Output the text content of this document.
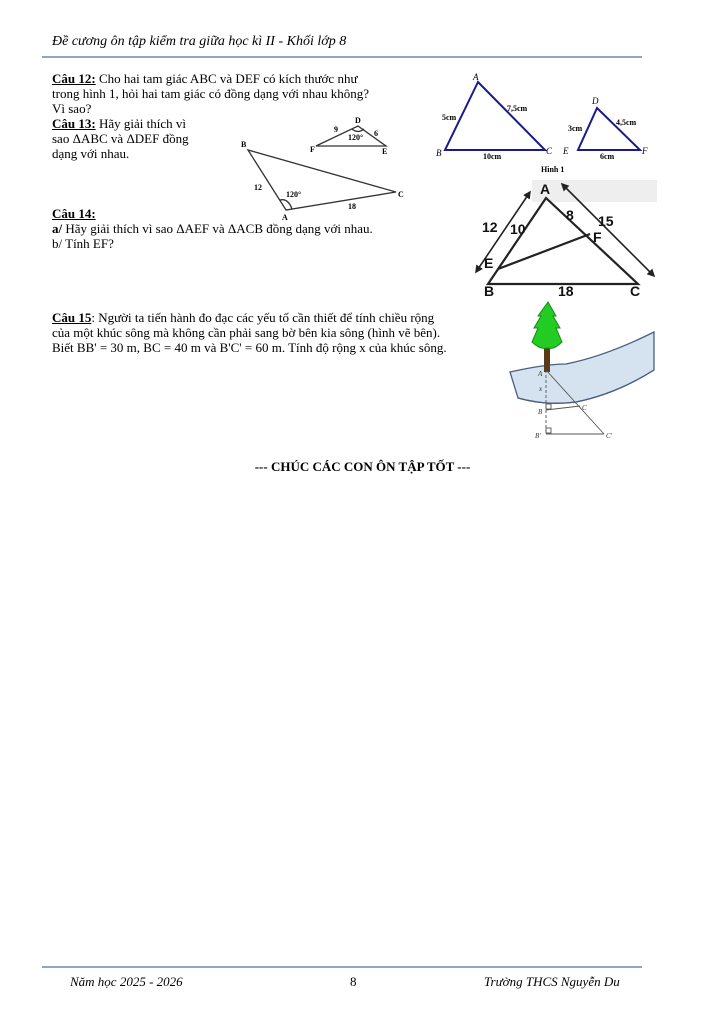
Đề cương ôn tập kiểm tra giữa học kì II - Khối lớp 8
Câu 12: Cho hai tam giác ABC và DEF có kích thước như
trong hình 1, hỏi hai tam giác có đồng dạng với nhau không?
Vì sao?
Câu 13: Hãy giải thích vì
sao ΔABC và ΔDEF đồng
dạng với nhau.
Câu 14:
a/ Hãy giải thích vì sao ΔAEF và ΔACB đồng dạng với nhau.
b/ Tính EF?
Câu 15: Người ta tiến hành đo đạc các yếu tố cần thiết để tính chiều rộng
của một khúc sông mà không cần phải sang bờ bên kia sông (hình vẽ bên).
Biết BB' = 30 m, BC = 40 m và B'C' = 60 m. Tính độ rộng x của khúc sông.
A
B	C
D
E	F
5cm
7,5cm
10cm
3cm
4,5cm
6cm
Hình 1
B
A
C
D
F	E
12
18
120°
9	6
120°
A
B	C
E
F
12 10
8 15
18
A
x
B	C
B'	C'
--- CHÚC CÁC CON ÔN TẬP TỐT ---
Năm học 2025 - 2026	8	Trường THCS Nguyễn Du
